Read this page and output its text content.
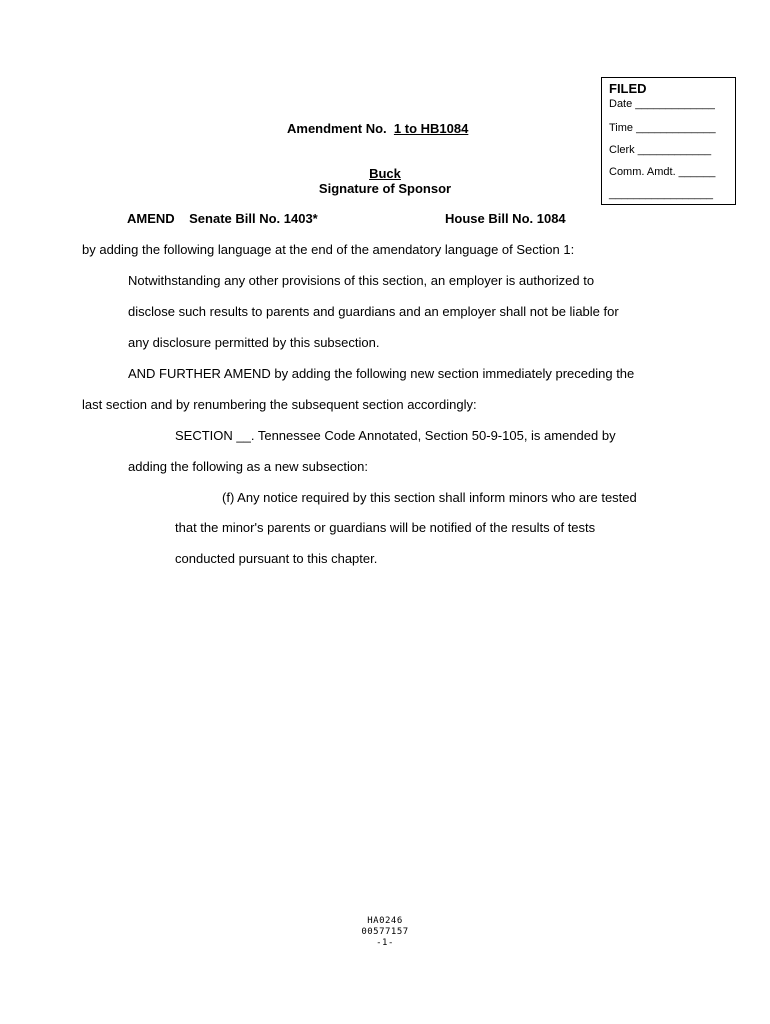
FILED
Date _____________
Time _____________
Clerk ____________
Comm. Amdt. ______
_________________
Amendment No. 1 to HB1084
Buck
Signature of Sponsor
AMEND Senate Bill No. 1403*	House Bill No. 1084
by adding the following language at the end of the amendatory language of Section 1:
Notwithstanding any other provisions of this section, an employer is authorized to
disclose such results to parents and guardians and an employer shall not be liable for
any disclosure permitted by this subsection.
AND FURTHER AMEND by adding the following new section immediately preceding the
last section and by renumbering the subsequent section accordingly:
SECTION __. Tennessee Code Annotated, Section 50-9-105, is amended by
adding the following as a new subsection:
(f) Any notice required by this section shall inform minors who are tested
that the minor's parents or guardians will be notified of the results of tests
conducted pursuant to this chapter.
HA0246
00577157
-1-
